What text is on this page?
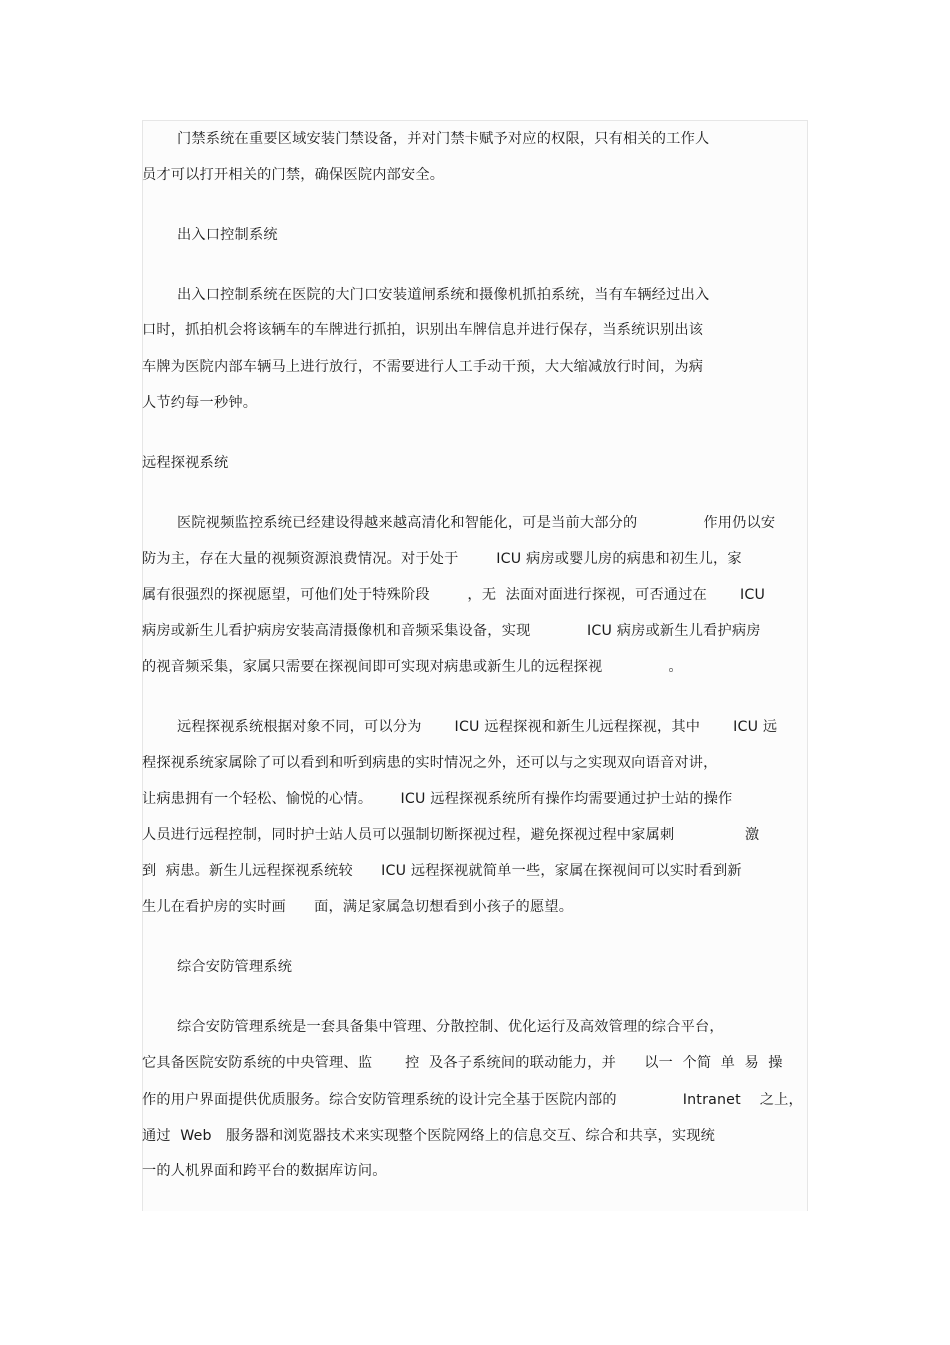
门禁系统在重要区域安装门禁设备，并对门禁卡赋予对应的权限，只有相关的工作人
员才可以打开相关的门禁，确保医院内部安全。
出入口控制系统
出入口控制系统在医院的大门口安装道闸系统和摄像机抓拍系统，当有车辆经过出入
口时，抓拍机会将该辆车的车牌进行抓拍，识别出车牌信息并进行保存，当系统识别出该
车牌为医院内部车辆马上进行放行，不需要进行人工手动干预，大大缩减放行时间，为病
人节约每一秒钟。
远程探视系统
医院视频监控系统已经建设得越来越高清化和智能化，可是当前大部分的              作用仍以安
防为主，存在大量的视频资源浪费情况。对于处于        ICU 病房或婴儿房的病患和初生儿，家
属有很强烈的探视愿望，可他们处于特殊阶段        ，无  法面对面进行探视，可否通过在       ICU
病房或新生儿看护病房安装高清摄像机和音频采集设备，实现            ICU 病房或新生儿看护病房
的视音频采集，家属只需要在探视间即可实现对病患或新生儿的远程探视              。
远程探视系统根据对象不同，可以分为       ICU 远程探视和新生儿远程探视，其中       ICU 远
程探视系统家属除了可以看到和听到病患的实时情况之外，还可以与之实现双向语音对讲，
让病患拥有一个轻松、愉悦的心情。      ICU 远程探视系统所有操作均需要通过护士站的操作
人员进行远程控制，同时护士站人员可以强制切断探视过程，避免探视过程中家属刺               激
到  病患。新生儿远程探视系统较      ICU 远程探视就简单一些，家属在探视间可以实时看到新
生儿在看护房的实时画      面，满足家属急切想看到小孩子的愿望。
综合安防管理系统
综合安防管理系统是一套具备集中管理、分散控制、优化运行及高效管理的综合平台，
它具备医院安防系统的中央管理、监       控  及各子系统间的联动能力，并      以一  个简  单  易  操
作的用户界面提供优质服务。综合安防管理系统的设计完全基于医院内部的              Intranet    之上，
通过  Web   服务器和浏览器技术来实现整个医院网络上的信息交互、综合和共享，实现统
一的人机界面和跨平台的数据库访问。
